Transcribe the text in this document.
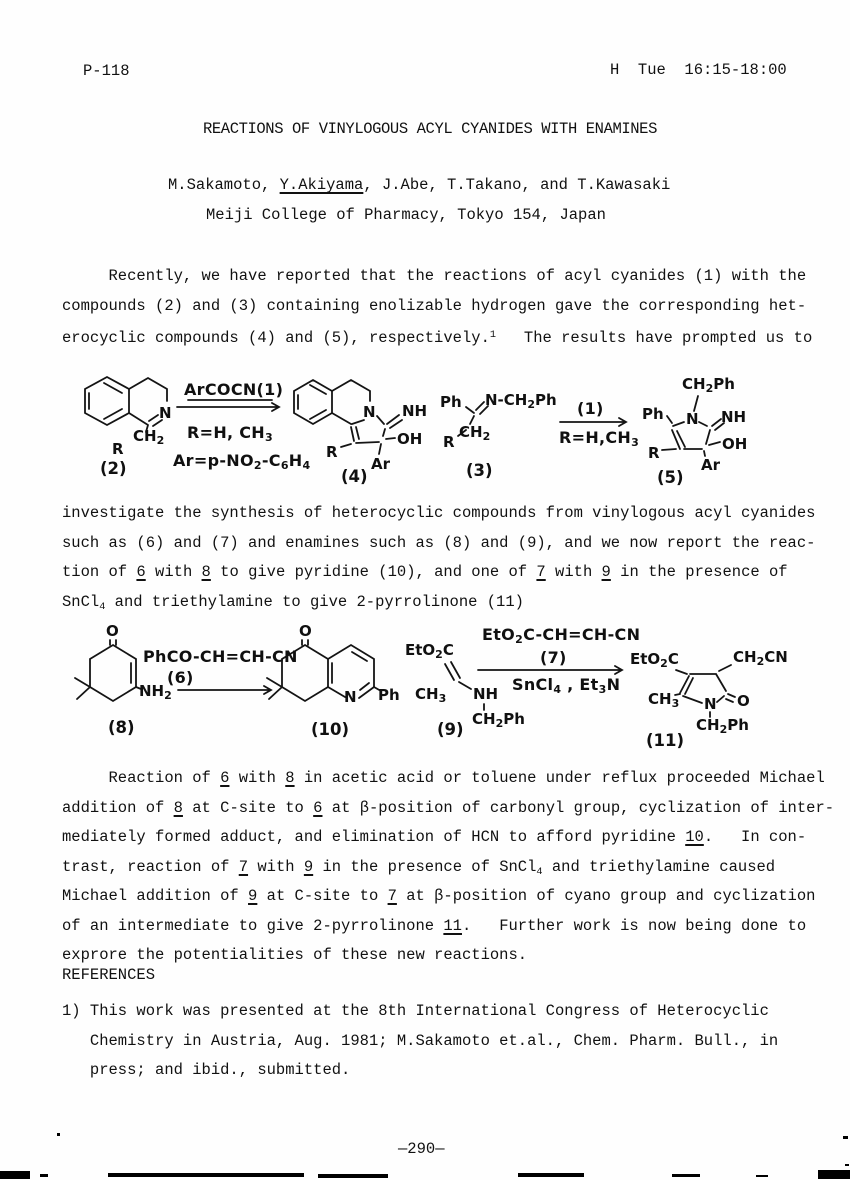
P-118	H  Tue  16:15-18:00
REACTIONS OF VINYLOGOUS ACYL CYANIDES WITH ENAMINES
M.Sakamoto, Y.Akiyama, J.Abe, T.Takano, and T.Kawasaki
Meiji College of Pharmacy, Tokyo 154, Japan
Recently, we have reported that the reactions of acyl cyanides (1) with the
compounds (2) and (3) containing enolizable hydrogen gave the corresponding het-
erocyclic compounds (4) and (5), respectively.$^1$   The results have prompted us to
N
$CH_2$
R
(2)
ArCOCN(1)
R=H, CH3
Ar=p-NO2-C6H4
N NH
OH
R
Ar
(4)
Ph $N-CH_2Ph$
$CH_2$
R
(3)
(1)
R=H,CH3
$CH_2Ph$
Ph N NH
OH
R
Ar
(5)
investigate the synthesis of heterocyclic compounds from vinylogous acyl cyanides
such as (6) and (7) and enamines such as (8) and (9), and we now report the reac-
tion of 6 with 8 to give pyridine (10), and one of 7 with 9 in the presence of
SnCl4 and triethylamine to give 2-pyrrolinone (11)
O
$NH_2$
(8)
PhCO-CH=CH-CN
(6)
O
N Ph
(10)
EtO$_2$C
$CH_3$ NH
$CH_2Ph$
(9)
EtO2C-CH=CH-CN
(7)
SnCl4 , Et3N
EtO$_2$C	$CH_2CN$
$CH_3$ N O
$CH_2Ph$
(11)
Reaction of 6 with 8 in acetic acid or toluene under reflux proceeded Michael
addition of 8 at C-site to 6 at β-position of carbonyl group, cyclization of inter-
mediately formed adduct, and elimination of HCN to afford pyridine 10.   In con-
trast, reaction of 7 with 9 in the presence of SnCl4 and triethylamine caused
Michael addition of 9 at C-site to 7 at β-position of cyano group and cyclization
of an intermediate to give 2-pyrrolinone 11.   Further work is now being done to
exprore the potentialities of these new reactions.
REFERENCES
1) This work was presented at the 8th International Congress of Heterocyclic
Chemistry in Austria, Aug. 1981; M.Sakamoto et.al., Chem. Pharm. Bull., in
press; and ibid., submitted.
—290—
